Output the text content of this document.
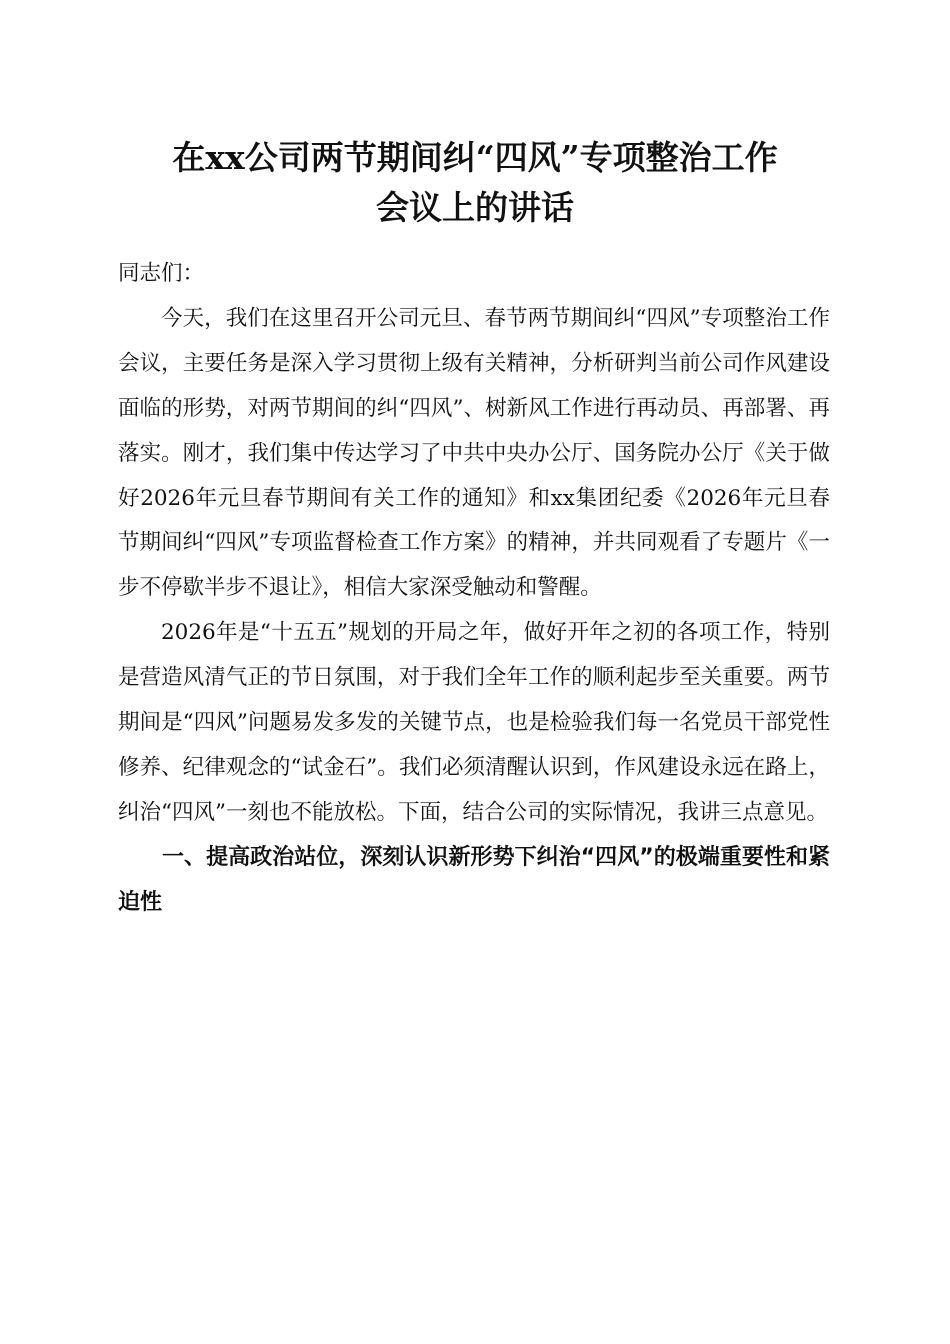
在xx公司两节期间纠“四风”专项整治工作
会议上的讲话

同志们：

今天，我们在这里召开公司元旦、春节两节期间纠“四风”专项整治工作会议，主要任务是深入学习贯彻上级有关精神，分析研判当前公司作风建设面临的形势，对两节期间的纠“四风”、树新风工作进行再动员、再部署、再落实。刚才，我们集中传达学习了中共中央办公厅、国务院办公厅《关于做好2026年元旦春节期间有关工作的通知》和xx集团纪委《2026年元旦春节期间纠“四风”专项监督检查工作方案》的精神，并共同观看了专题片《一步不停歇半步不退让》，相信大家深受触动和警醒。

2026年是“十五五”规划的开局之年，做好开年之初的各项工作，特别是营造风清气正的节日氛围，对于我们全年工作的顺利起步至关重要。两节期间是“四风”问题易发多发的关键节点，也是检验我们每一名党员干部党性修养、纪律观念的“试金石”。我们必须清醒认识到，作风建设永远在路上，纠治“四风”一刻也不能放松。下面，结合公司的实际情况，我讲三点意见。

一、提高政治站位，深刻认识新形势下纠治“四风”的极端重要性和紧迫性
